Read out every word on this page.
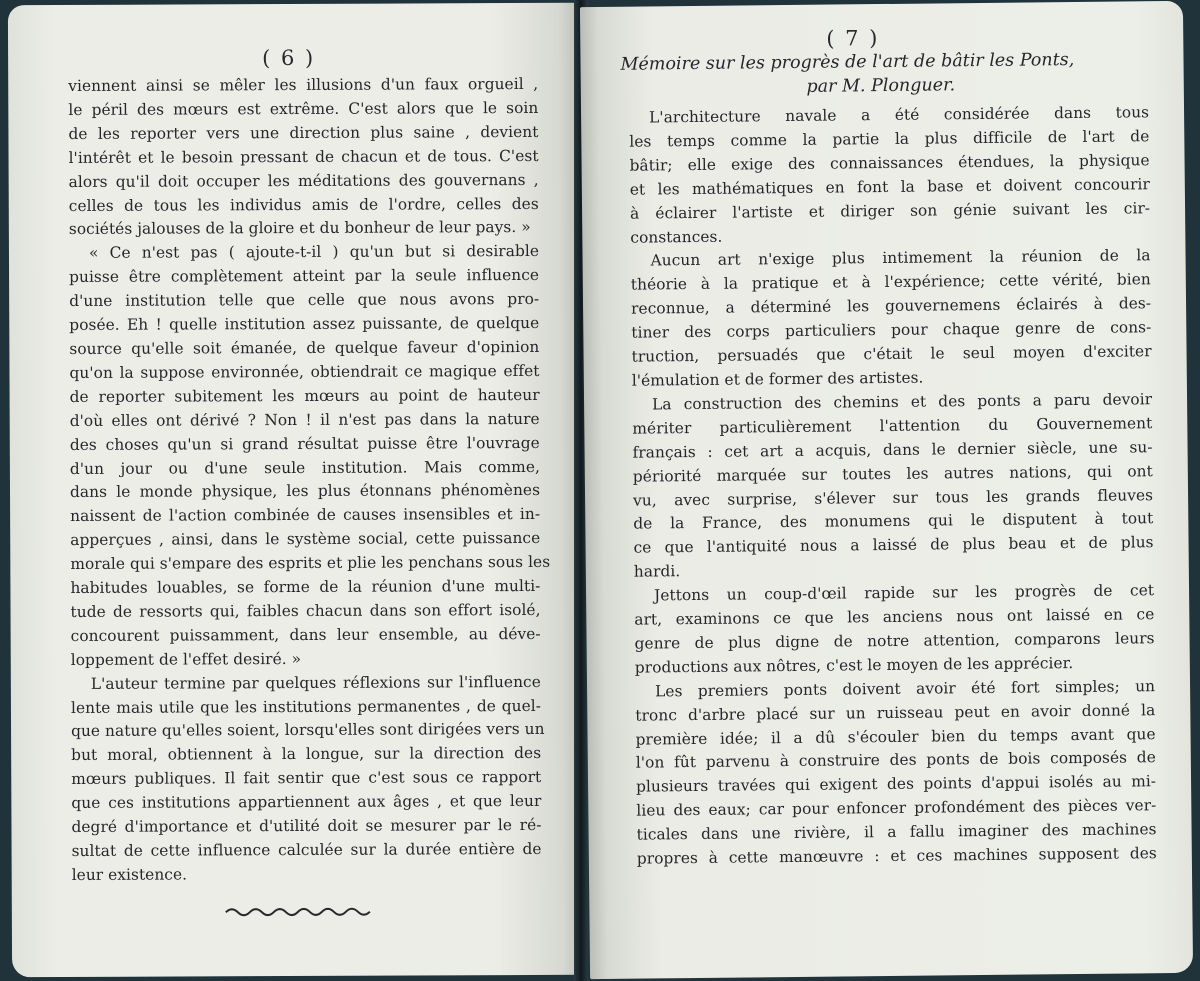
( 6 )
viennent ainsi se mêler les illusions d'un faux orgueil ,
le péril des mœurs est extrême. C'est alors que le soin
de les reporter vers une direction plus saine , devient
l'intérêt et le besoin pressant de chacun et de tous. C'est
alors qu'il doit occuper les méditations des gouvernans ,
celles de tous les individus amis de l'ordre, celles des
sociétés jalouses de la gloire et du bonheur de leur pays. »
« Ce n'est pas ( ajoute-t-il ) qu'un but si desirable
puisse être complètement atteint par la seule influence
d'une institution telle que celle que nous avons pro-
posée. Eh ! quelle institution assez puissante, de quelque
source qu'elle soit émanée, de quelque faveur d'opinion
qu'on la suppose environnée, obtiendrait ce magique effet
de reporter subitement les mœurs au point de hauteur
d'où elles ont dérivé ? Non ! il n'est pas dans la nature
des choses qu'un si grand résultat puisse être l'ouvrage
d'un jour ou d'une seule institution. Mais comme,
dans le monde physique, les plus étonnans phénomènes
naissent de l'action combinée de causes insensibles et in-
apperçues , ainsi, dans le système social, cette puissance
morale qui s'empare des esprits et plie les penchans sous les
habitudes louables, se forme de la réunion d'une multi-
tude de ressorts qui, faibles chacun dans son effort isolé,
concourent puissamment, dans leur ensemble, au déve-
loppement de l'effet desiré. »
L'auteur termine par quelques réflexions sur l'influence
lente mais utile que les institutions permanentes , de quel-
que nature qu'elles soient, lorsqu'elles sont dirigées vers un
but moral, obtiennent à la longue, sur la direction des
mœurs publiques. Il fait sentir que c'est sous ce rapport
que ces institutions appartiennent aux âges , et que leur
degré d'importance et d'utilité doit se mesurer par le ré-
sultat de cette influence calculée sur la durée entière de
leur existence.
( 7 )
Mémoire sur les progrès de l'art de bâtir les Ponts,
par M. Plonguer.
L'architecture navale a été considérée dans tous
les temps comme la partie la plus difficile de l'art de
bâtir; elle exige des connaissances étendues, la physique
et les mathématiques en font la base et doivent concourir
à éclairer l'artiste et diriger son génie suivant les cir-
constances.
Aucun art n'exige plus intimement la réunion de la
théorie à la pratique et à l'expérience; cette vérité, bien
reconnue, a déterminé les gouvernemens éclairés à des-
tiner des corps particuliers pour chaque genre de cons-
truction, persuadés que c'était le seul moyen d'exciter
l'émulation et de former des artistes.
La construction des chemins et des ponts a paru devoir
mériter particulièrement l'attention du Gouvernement
français : cet art a acquis, dans le dernier siècle, une su-
périorité marquée sur toutes les autres nations, qui ont
vu, avec surprise, s'élever sur tous les grands fleuves
de la France, des monumens qui le disputent à tout
ce que l'antiquité nous a laissé de plus beau et de plus
hardi.
Jettons un coup-d'œil rapide sur les progrès de cet
art, examinons ce que les anciens nous ont laissé en ce
genre de plus digne de notre attention, comparons leurs
productions aux nôtres, c'est le moyen de les apprécier.
Les premiers ponts doivent avoir été fort simples; un
tronc d'arbre placé sur un ruisseau peut en avoir donné la
première idée; il a dû s'écouler bien du temps avant que
l'on fût parvenu à construire des ponts de bois composés de
plusieurs travées qui exigent des points d'appui isolés au mi-
lieu des eaux; car pour enfoncer profondément des pièces ver-
ticales dans une rivière, il a fallu imaginer des machines
propres à cette manœuvre : et ces machines supposent des
